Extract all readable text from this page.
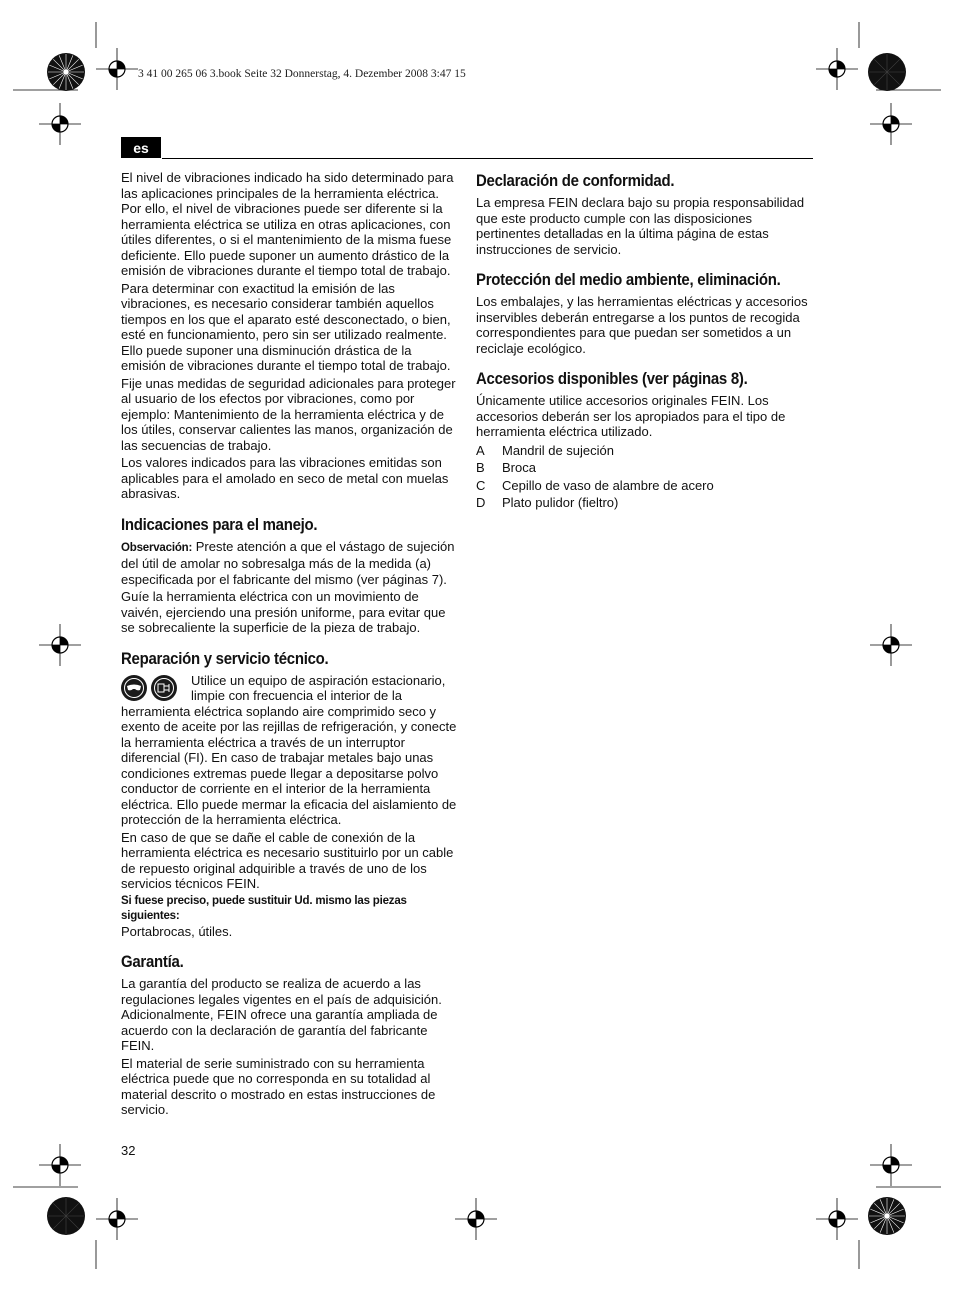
3 41 00 265 06 3.book Seite 32 Donnerstag, 4. Dezember 2008 3:47 15
es

El nivel de vibraciones indicado ha sido determinado para las aplicaciones principales de la herramienta eléctrica. Por ello, el nivel de vibraciones puede ser diferente si la herramienta eléctrica se utiliza en otras aplicaciones, con útiles diferentes, o si el mantenimiento de la misma fuese deficiente. Ello puede suponer un aumento drástico de la emisión de vibraciones durante el tiempo total de trabajo.

Para determinar con exactitud la emisión de las vibraciones, es necesario considerar también aquellos tiempos en los que el aparato esté desconectado, o bien, esté en funcionamiento, pero sin ser utilizado realmente. Ello puede suponer una disminución drástica de la emisión de vibraciones durante el tiempo total de trabajo.

Fije unas medidas de seguridad adicionales para proteger al usuario de los efectos por vibraciones, como por ejemplo: Mantenimiento de la herramienta eléctrica y de los útiles, conservar calientes las manos, organización de las secuencias de trabajo.

Los valores indicados para las vibraciones emitidas son aplicables para el amolado en seco de metal con muelas abrasivas.

Indicaciones para el manejo.

Observación: Preste atención a que el vástago de sujeción del útil de amolar no sobresalga más de la medida (a) especificada por el fabricante del mismo (ver páginas 7).

Guíe la herramienta eléctrica con un movimiento de vaivén, ejerciendo una presión uniforme, para evitar que se sobrecaliente la superficie de la pieza de trabajo.

Reparación y servicio técnico.

Utilice un equipo de aspiración estacionario, limpie con frecuencia el interior de la herramienta eléctrica soplando aire comprimido seco y exento de aceite por las rejillas de refrigeración, y conecte la herramienta eléctrica a través de un interruptor diferencial (FI). En caso de trabajar metales bajo unas condiciones extremas puede llegar a depositarse polvo conductor de corriente en el interior de la herramienta eléctrica. Ello puede mermar la eficacia del aislamiento de protección de la herramienta eléctrica.

En caso de que se dañe el cable de conexión de la herramienta eléctrica es necesario sustituirlo por un cable de repuesto original adquirible a través de uno de los servicios técnicos FEIN.

Si fuese preciso, puede sustituir Ud. mismo las piezas siguientes:

Portabrocas, útiles.

Garantía.

La garantía del producto se realiza de acuerdo a las regulaciones legales vigentes en el país de adquisición. Adicionalmente, FEIN ofrece una garantía ampliada de acuerdo con la declaración de garantía del fabricante FEIN.

El material de serie suministrado con su herramienta eléctrica puede que no corresponda en su totalidad al material descrito o mostrado en estas instrucciones de servicio.

Declaración de conformidad.

La empresa FEIN declara bajo su propia responsabilidad que este producto cumple con las disposiciones pertinentes detalladas en la última página de estas instrucciones de servicio.

Protección del medio ambiente, eliminación.

Los embalajes, y las herramientas eléctricas y accesorios inservibles deberán entregarse a los puntos de recogida correspondientes para que puedan ser sometidos a un reciclaje ecológico.

Accesorios disponibles (ver páginas 8).

Únicamente utilice accesorios originales FEIN. Los accesorios deberán ser los apropiados para el tipo de herramienta eléctrica utilizado.

A	Mandril de sujeción
B	Broca
C	Cepillo de vaso de alambre de acero
D	Plato pulidor (fieltro)
32
